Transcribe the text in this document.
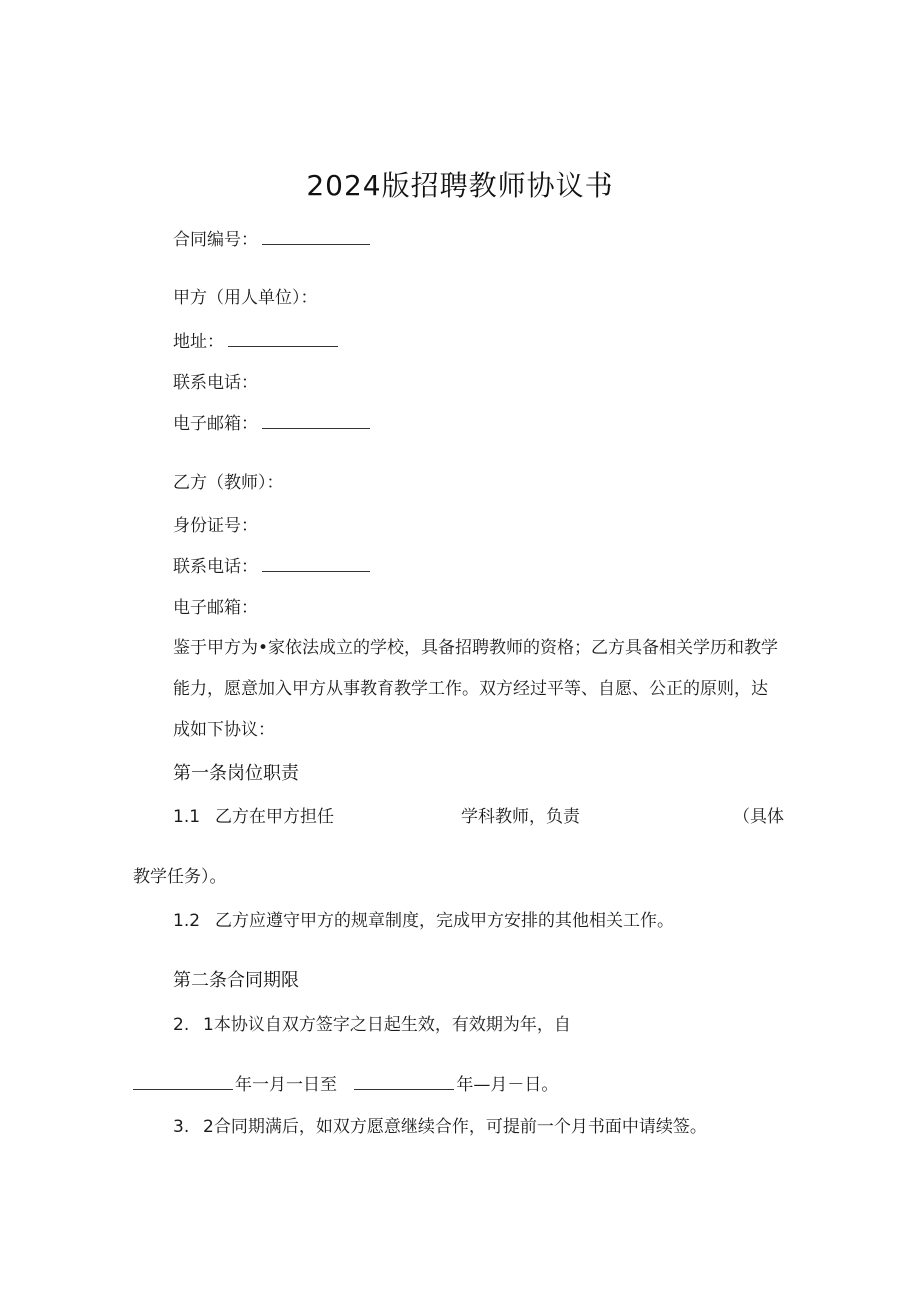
2024版招聘教师协议书
合同编号：
甲方（用人单位）：
地址：
联系电话：
电子邮箱：
乙方（教师）：
身份证号：
联系电话：
电子邮箱：
鉴于甲方为•家依法成立的学校，具备招聘教师的资格；乙方具备相关学历和教学能力，愿意加入甲方从事教育教学工作。双方经过平等、自愿、公正的原则，达成如下协议：
第一条岗位职责
1.1 乙方在甲方担任	学科教师，负责	（具体
教学任务）。
1.2 乙方应遵守甲方的规章制度，完成甲方安排的其他相关工作。
第二条合同期限
2. 1本协议自双方签字之日起生效，有效期为年，自
年一月一日至	年—月－日。
3. 2合同期满后，如双方愿意继续合作，可提前一个月书面中请续签。
